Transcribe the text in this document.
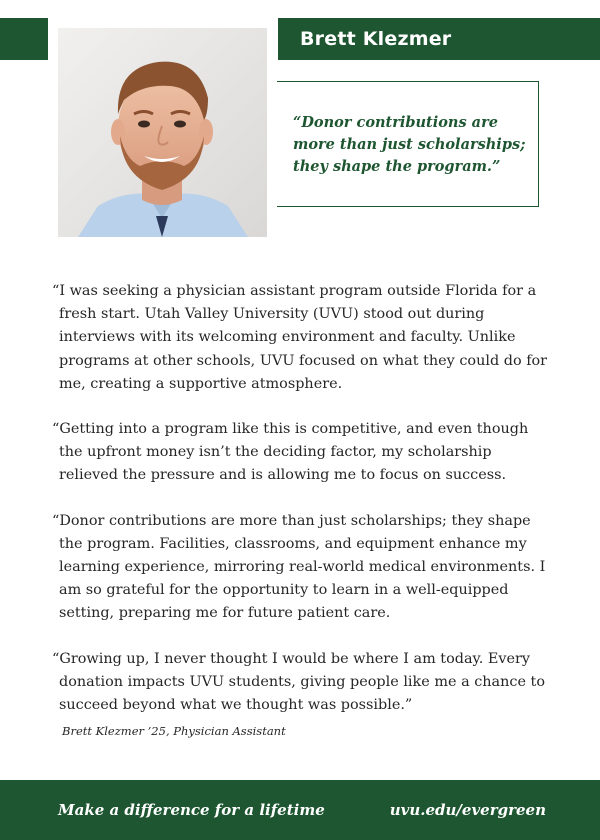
Brett Klezmer
“Donor contributions are more than just scholarships; they shape the program.”

“I was seeking a physician assistant program outside Florida for a fresh start. Utah Valley University (UVU) stood out during interviews with its welcoming environment and faculty. Unlike programs at other schools, UVU focused on what they could do for me, creating a supportive atmosphere.

“Getting into a program like this is competitive, and even though the upfront money isn’t the deciding factor, my scholarship relieved the pressure and is allowing me to focus on success.

“Donor contributions are more than just scholarships; they shape the program. Facilities, classrooms, and equipment enhance my learning experience, mirroring real-world medical environments. I am so grateful for the opportunity to learn in a well-equipped setting, preparing me for future patient care.

“Growing up, I never thought I would be where I am today. Every donation impacts UVU students, giving people like me a chance to succeed beyond what we thought was possible.”

Brett Klezmer ’25, Physician Assistant
Make a difference for a lifetime	uvu.edu/evergreen
